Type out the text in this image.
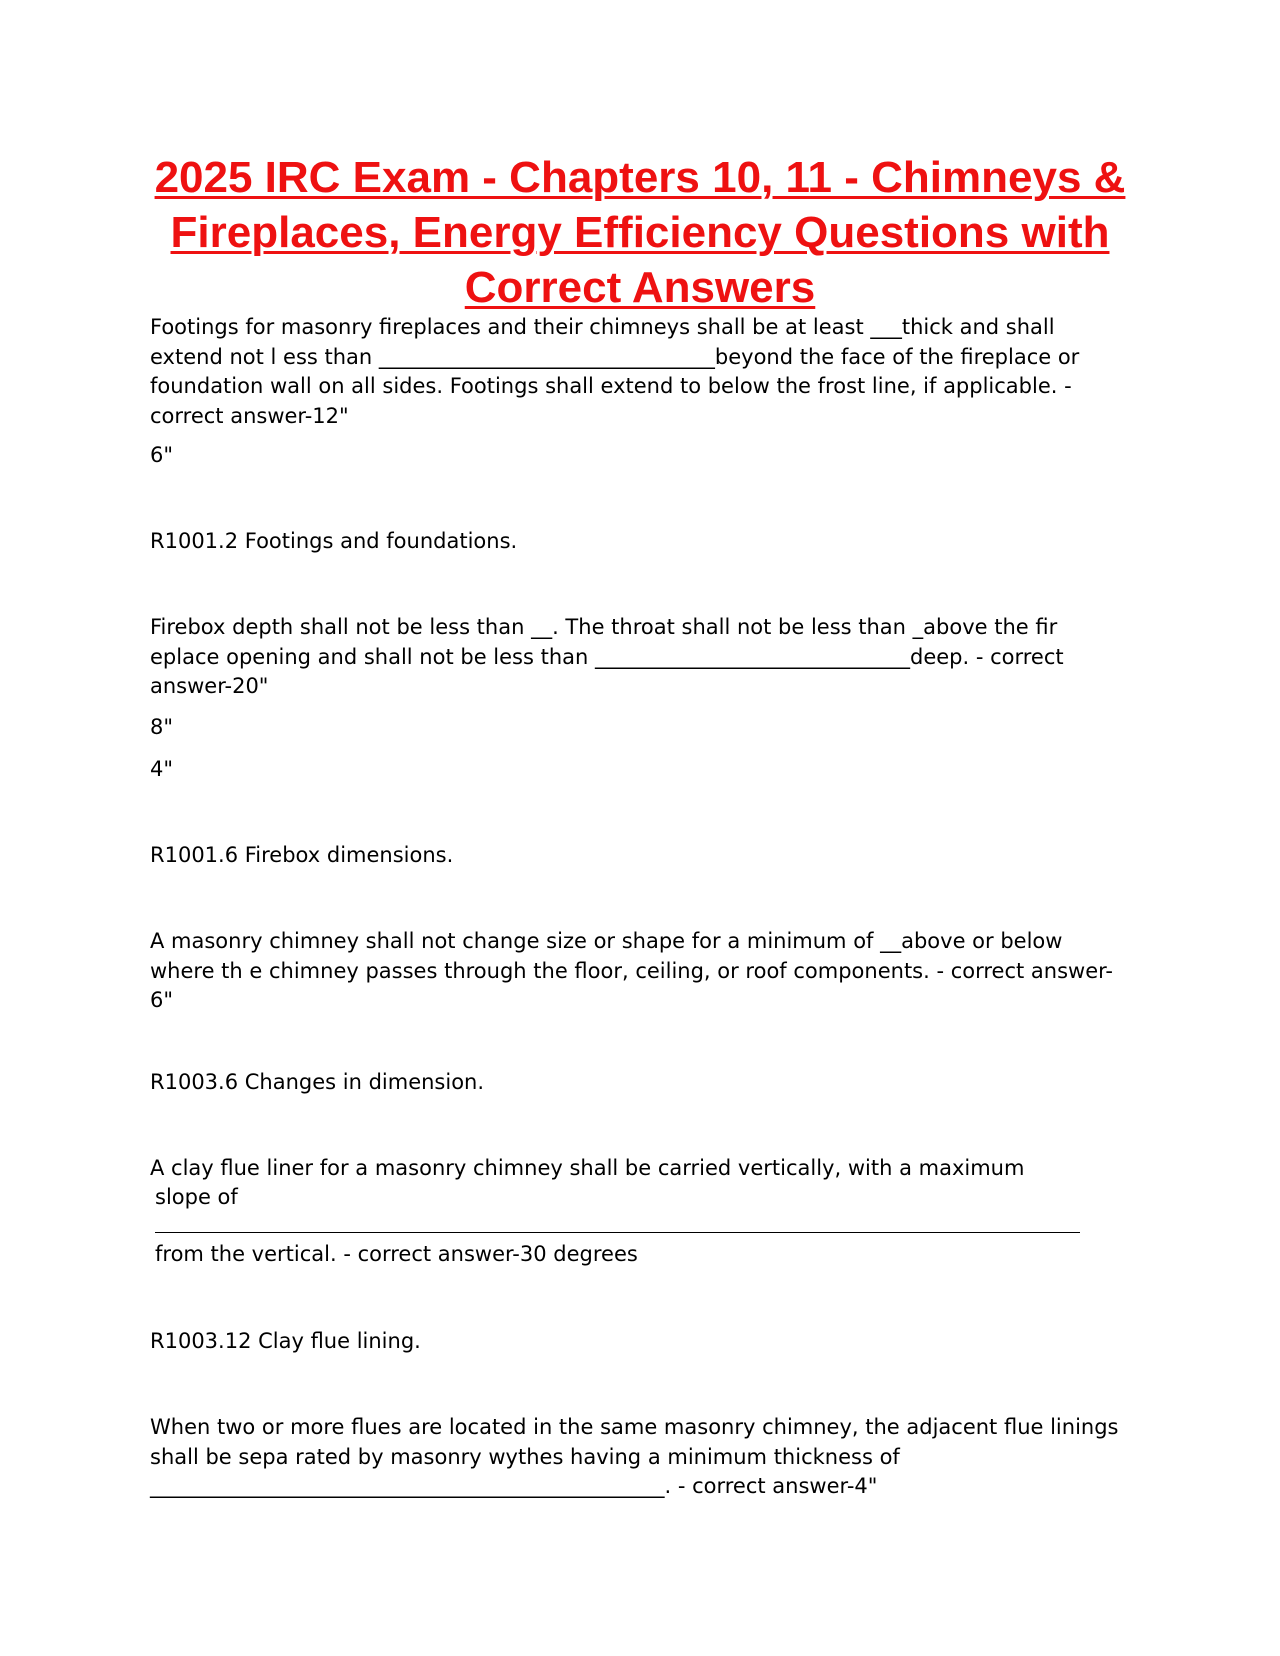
2025 IRC Exam - Chapters 10, 11 - Chimneys & Fireplaces, Energy Efficiency Questions with Correct Answers

Footings for masonry fireplaces and their chimneys shall be at least ___thick and shall extend not l ess than ________________________________beyond the face of the fireplace or foundation wall on all sides. Footings shall extend to below the frost line, if applicable. - correct answer-12"

6"

R1001.2 Footings and foundations.

Firebox depth shall not be less than __. The throat shall not be less than _above the fir eplace opening and shall not be less than ______________________________deep. - correct answer-20"

8"

4"

R1001.6 Firebox dimensions.

A masonry chimney shall not change size or shape for a minimum of __above or below where th e chimney passes through the floor, ceiling, or roof components. - correct answer-6"

R1003.6 Changes in dimension.

A clay flue liner for a masonry chimney shall be carried vertically, with a maximum

slope of

from the vertical. - correct answer-30 degrees

R1003.12 Clay flue lining.

When two or more flues are located in the same masonry chimney, the adjacent flue linings shall be sepa rated by masonry wythes having a minimum thickness of _________________________________________________. - correct answer-4"
